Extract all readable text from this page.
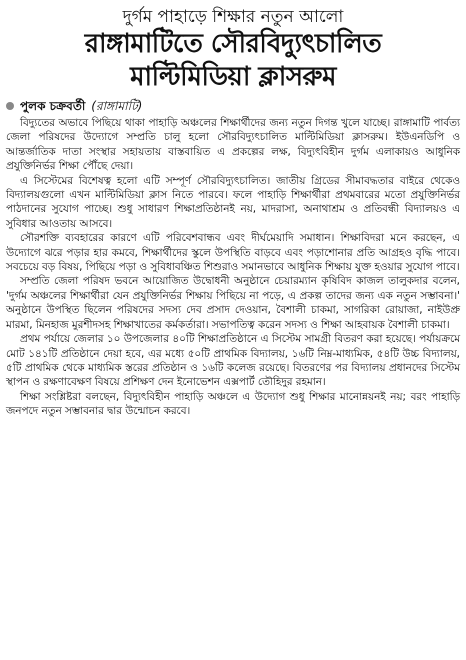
দুর্গম পাহাড়ে শিক্ষার নতুন আলো
রাঙ্গামাটিতে সৌরবিদ্যুৎচালিত
মাল্টিমিডিয়া ক্লাসরুম
পুলক চক্রবর্তী (রাঙ্গামাটি)

বিদ্যুতের অভাবে পিছিয়ে থাকা পাহাড়ি অঞ্চলের শিক্ষার্থীদের জন্য নতুন দিগন্ত খুলে যাচ্ছে। রাঙ্গামাটি পার্বত্য জেলা পরিষদের উদ্যোগে সম্প্রতি চালু হলো সৌরবিদ্যুৎচালিত মাল্টিমিডিয়া ক্লাসরুম। ইউএনডিপি ও আন্তর্জাতিক দাতা সংস্থার সহায়তায় বাস্তবায়িত এ প্রকল্পের লক্ষ, বিদ্যুৎবিহীন দুর্গম এলাকায়ও আধুনিক প্রযুক্তিনির্ভর শিক্ষা পৌঁছে দেয়া।

এ সিস্টেমের বিশেষত্ব হলো এটি সম্পূর্ণ সৌরবিদ্যুৎচালিত। জাতীয় গ্রিডের সীমাবদ্ধতার বাইরে থেকেও বিদ্যালয়গুলো এখন মাল্টিমিডিয়া ক্লাস নিতে পারবে। ফলে পাহাড়ি শিক্ষার্থীরা প্রথমবারের মতো প্রযুক্তিনির্ভর পাঠদানের সুযোগ পাচ্ছে। শুধু সাধারণ শিক্ষাপ্রতিষ্ঠানই নয়, মাদরাসা, অনাথাশ্রম ও প্রতিবন্ধী বিদ্যালয়ও এ সুবিধার আওতায় আসবে।

সৌরশক্তি ব্যবহারের কারণে এটি পরিবেশবান্ধব এবং দীর্ঘমেয়াদি সমাধান। শিক্ষাবিদরা মনে করছেন, এ উদ্যোগে ঝরে পড়ার হার কমবে, শিক্ষার্থীদের স্কুলে উপস্থিতি বাড়বে এবং পড়াশোনার প্রতি আগ্রহও বৃদ্ধি পাবে। সবচেয়ে বড় বিষয়, পিছিয়ে পড়া ও সুবিধাবঞ্চিত শিশুরাও সমানভাবে আধুনিক শিক্ষায় যুক্ত হওয়ার সুযোগ পাবে।

সম্প্রতি জেলা পরিষদ ভবনে আয়োজিত উদ্বোধনী অনুষ্ঠানে চেয়ারম্যান কৃষিবিদ কাজল তালুকদার বলেন, 'দুর্গম অঞ্চলের শিক্ষার্থীরা যেন প্রযুক্তিনির্ভর শিক্ষায় পিছিয়ে না পড়ে, এ প্রকল্প তাদের জন্য এক নতুন সম্ভাবনা।' অনুষ্ঠানে উপস্থিত ছিলেন পরিষদের সদস্য দেব প্রসাদ দেওয়ান, বৈশালী চাকমা, সাগরিকা রোয়াজা, নাইউপ্রু মারমা, মিনহাজ মুরশীদসহ শিক্ষাখাতের কর্মকর্তারা। সভাপতিত্ব করেন সদস্য ও শিক্ষা আহবায়ক বৈশালী চাকমা।

প্রথম পর্যায়ে জেলার ১০ উপজেলার ৪০টি শিক্ষাপ্রতিষ্ঠানে এ সিস্টেম সামগ্রী বিতরণ করা হয়েছে। পর্যায়ক্রমে মোট ১৪১টি প্রতিষ্ঠানে দেয়া হবে, এর মধ্যে ৫০টি প্রাথমিক বিদ্যালয়, ১৬টি নিম্ন-মাধ্যমিক, ৫৪টি উচ্চ বিদ্যালয়, ৫টি প্রাথমিক থেকে মাধ্যমিক স্তরের প্রতিষ্ঠান ও ১৬টি কলেজ রয়েছে। বিতরণের পর বিদ্যালয় প্রধানদের সিস্টেম স্থাপন ও রক্ষণাবেক্ষণ বিষয়ে প্রশিক্ষণ দেন ইনোভেশন এক্সপার্ট তৌহিদুর রহমান।

শিক্ষা সংশ্লিষ্টরা বলছেন, বিদ্যুৎবিহীন পাহাড়ি অঞ্চলে এ উদ্যোগ শুধু শিক্ষার মানোন্নয়নই নয়; বরং পাহাড়ি জনপদে নতুন সম্ভাবনার দ্বার উন্মোচন করবে।
